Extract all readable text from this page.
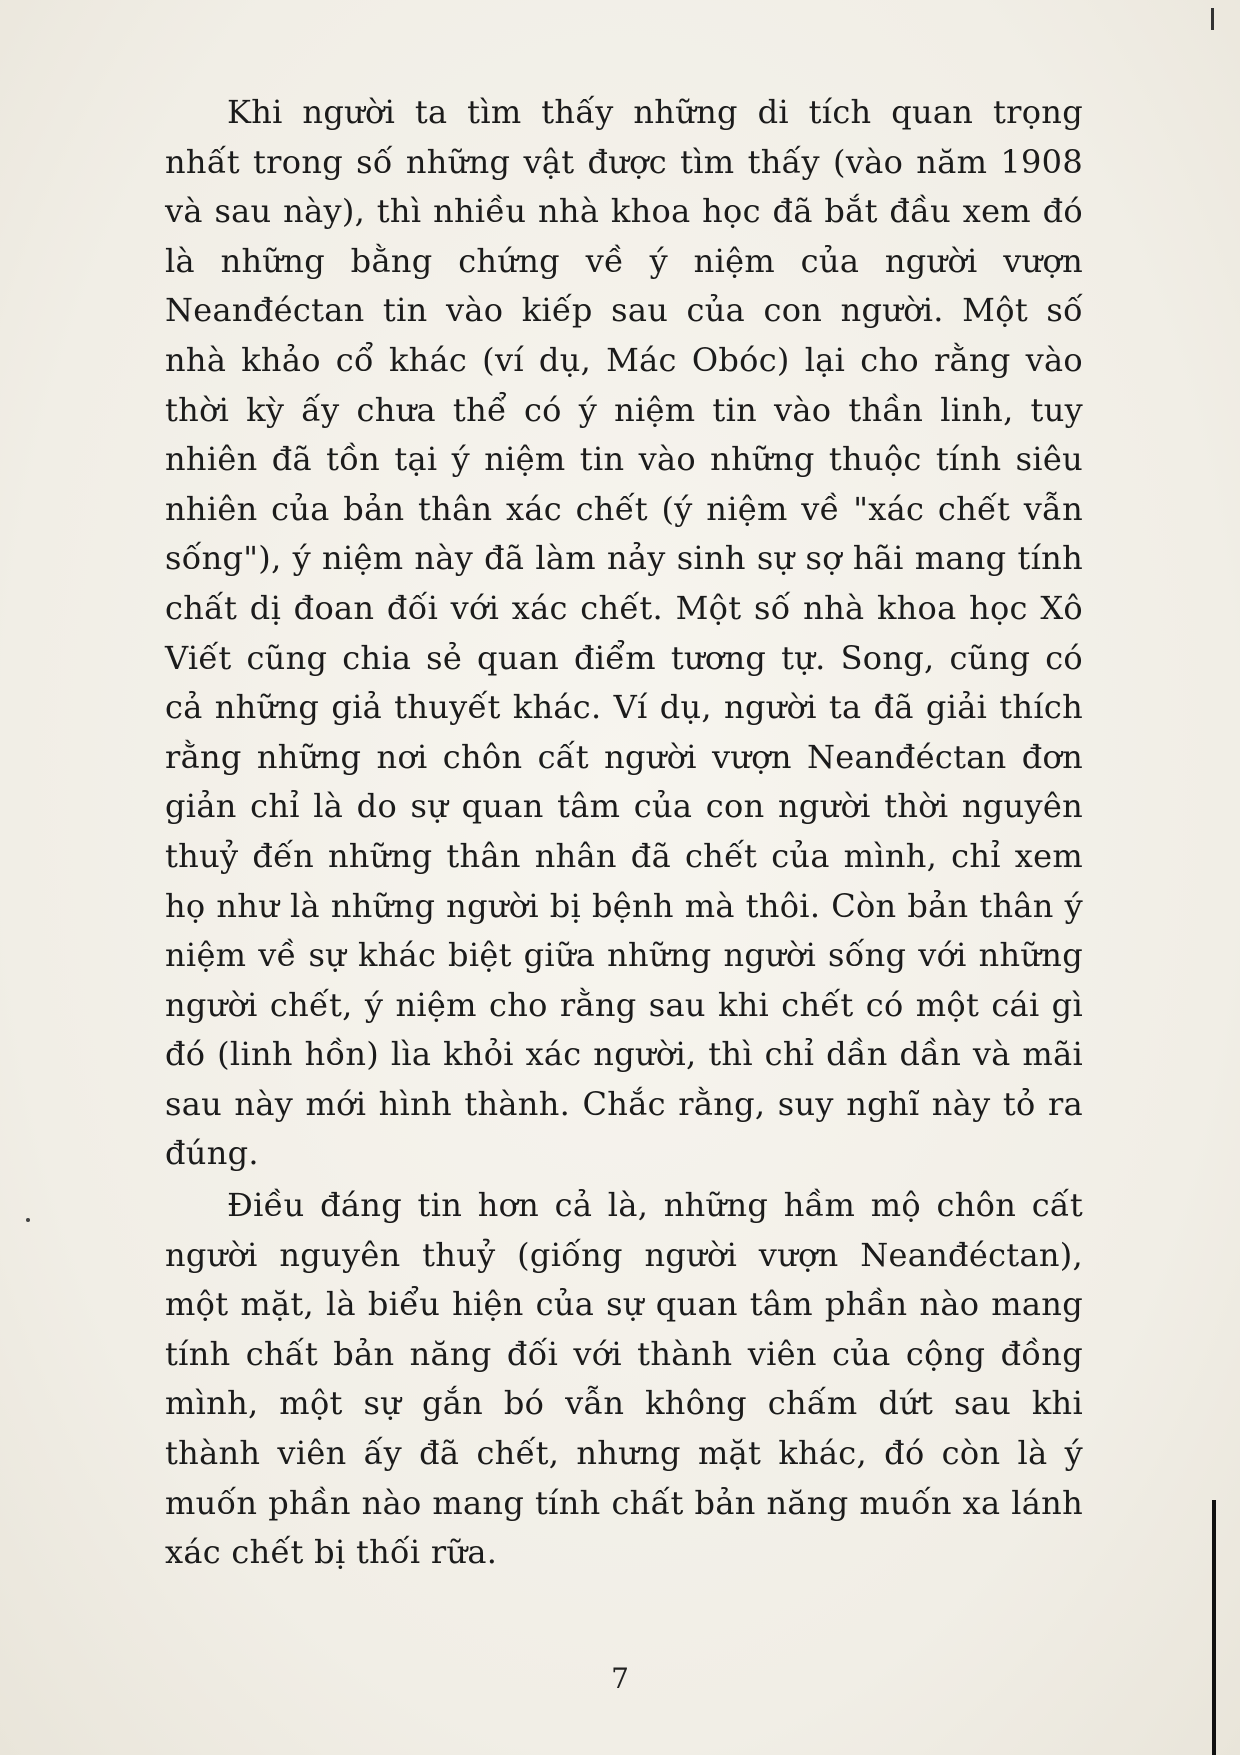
Khi người ta tìm thấy những di tích quan trọng nhất trong số những vật được tìm thấy (vào năm 1908 và sau này), thì nhiều nhà khoa học đã bắt đầu xem đó là những bằng chứng về ý niệm của người vượn Neanđéctan tin vào kiếp sau của con người. Một số nhà khảo cổ khác (ví dụ, Mác Obóc) lại cho rằng vào thời kỳ ấy chưa thể có ý niệm tin vào thần linh, tuy nhiên đã tồn tại ý niệm tin vào những thuộc tính siêu nhiên của bản thân xác chết (ý niệm về "xác chết vẫn sống"), ý niệm này đã làm nảy sinh sự sợ hãi mang tính chất dị đoan đối với xác chết. Một số nhà khoa học Xô Viết cũng chia sẻ quan điểm tương tự. Song, cũng có cả những giả thuyết khác. Ví dụ, người ta đã giải thích rằng những nơi chôn cất người vượn Neanđéctan đơn giản chỉ là do sự quan tâm của con người thời nguyên thuỷ đến những thân nhân đã chết của mình, chỉ xem họ như là những người bị bệnh mà thôi. Còn bản thân ý niệm về sự khác biệt giữa những người sống với những người chết, ý niệm cho rằng sau khi chết có một cái gì đó (linh hồn) lìa khỏi xác người, thì chỉ dần dần và mãi sau này mới hình thành. Chắc rằng, suy nghĩ này tỏ ra đúng.

Điều đáng tin hơn cả là, những hầm mộ chôn cất người nguyên thuỷ (giống người vượn Neanđéctan), một mặt, là biểu hiện của sự quan tâm phần nào mang tính chất bản năng đối với thành viên của cộng đồng mình, một sự gắn bó vẫn không chấm dứt sau khi thành viên ấy đã chết, nhưng mặt khác, đó còn là ý muốn phần nào mang tính chất bản năng muốn xa lánh xác chết bị thối rữa.

7
